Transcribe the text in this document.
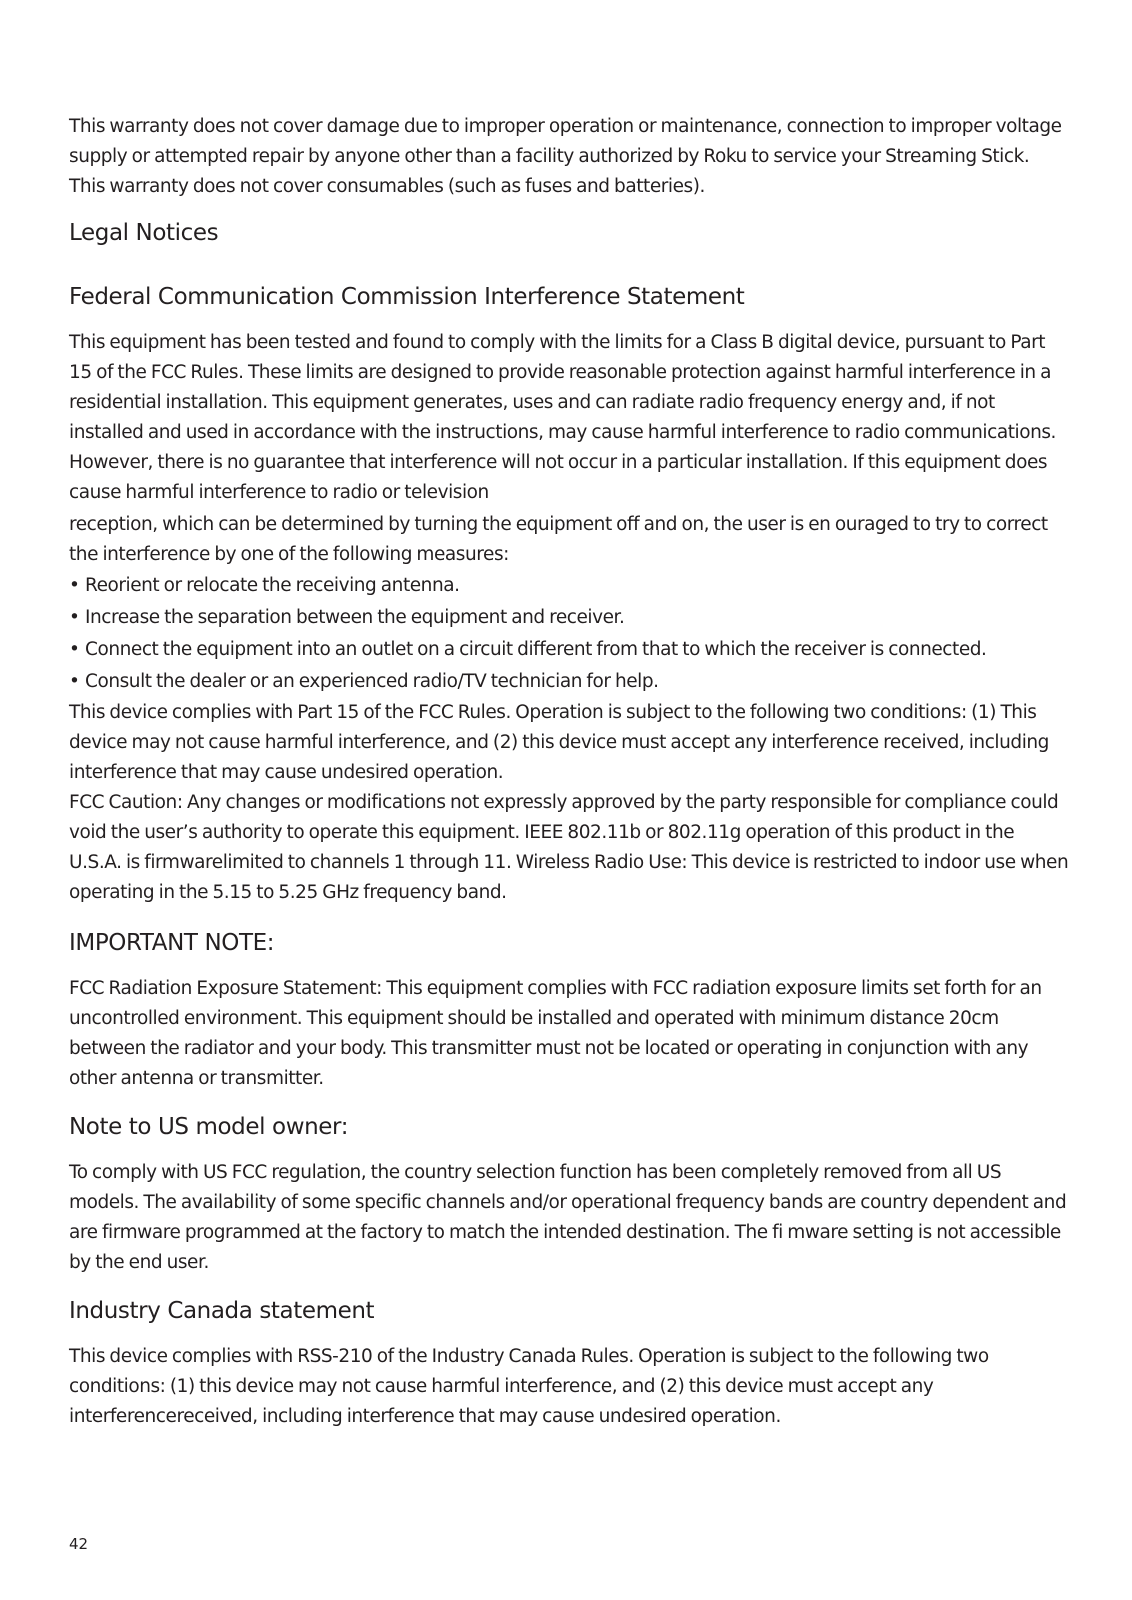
This warranty does not cover damage due to improper operation or maintenance, connection to improper voltage supply or attempted repair by anyone other than a facility authorized by Roku to service your Streaming Stick. This warranty does not cover consumables (such as fuses and batteries).

Legal Notices
Federal Communication Commission Interference Statement

This equipment has been tested and found to comply with the limits for a Class B digital device, pursuant to Part 15 of the FCC Rules. These limits are designed to provide reasonable protection against harmful interference in a residential installation. This equipment generates, uses and can radiate radio frequency energy and, if not installed and used in accordance with the instructions, may cause harmful interference to radio communications. However, there is no guarantee that interference will not occur in a particular installation. If this equipment does cause harmful interference to radio or television

reception, which can be determined by turning the equipment off and on, the user is en ouraged to try to correct the interference by one of the following measures:

• Reorient or relocate the receiving antenna.

• Increase the separation between the equipment and receiver.

• Connect the equipment into an outlet on a circuit different from that to which the receiver is connected.

• Consult the dealer or an experienced radio/TV technician for help.

This device complies with Part 15 of the FCC Rules. Operation is subject to the following two conditions: (1) This device may not cause harmful interference, and (2) this device must accept any interference received, including interference that may cause undesired operation.

FCC Caution: Any changes or modifications not expressly approved by the party responsible for compliance could void the user’s authority to operate this equipment. IEEE 802.11b or 802.11g operation of this product in the U.S.A. is firmwarelimited to channels 1 through 11. Wireless Radio Use: This device is restricted to indoor use when operating in the 5.15 to 5.25 GHz frequency band.

IMPORTANT NOTE:

FCC Radiation Exposure Statement: This equipment complies with FCC radiation exposure limits set forth for an uncontrolled environment. This equipment should be installed and operated with minimum distance 20cm between the radiator and your body. This transmitter must not be located or operating in conjunction with any other antenna or transmitter.

Note to US model owner:

To comply with US FCC regulation, the country selection function has been completely removed from all US models. The availability of some specific channels and/or operational frequency bands are country dependent and are firmware programmed at the factory to match the intended destination. The fi mware setting is not accessible by the end user.

Industry Canada statement

This device complies with RSS-210 of the Industry Canada Rules. Operation is subject to the following two conditions: (1) this device may not cause harmful interference, and (2) this device must accept any interferencereceived, including interference that may cause undesired operation.

42
